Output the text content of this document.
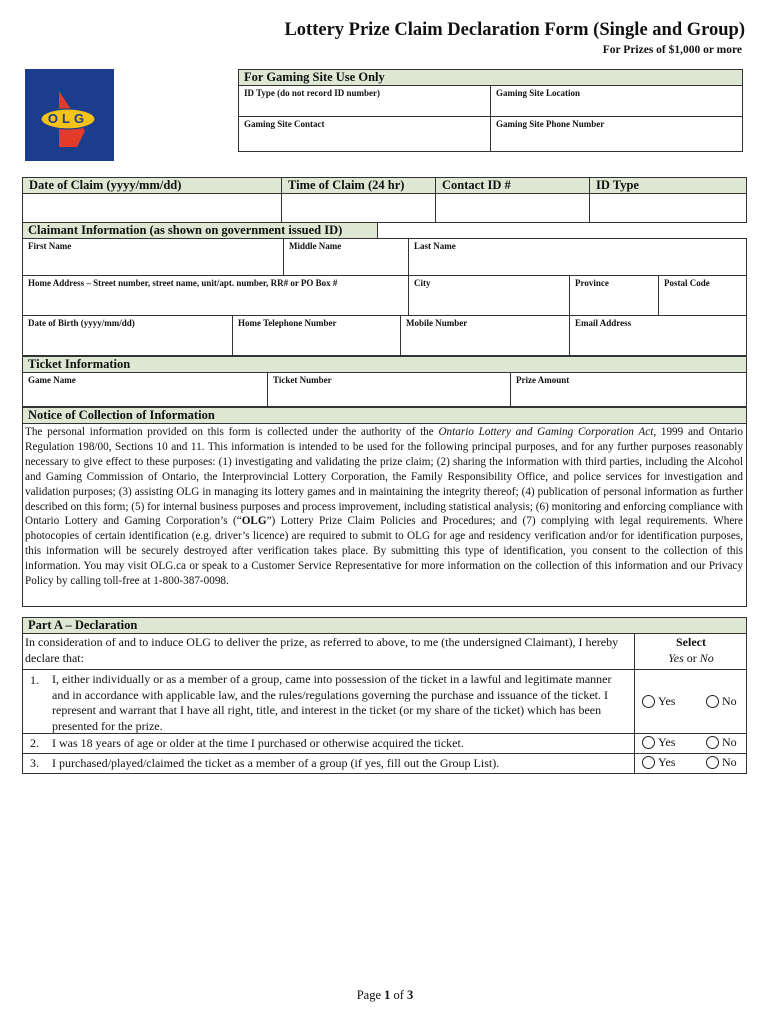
Lottery Prize Claim Declaration Form (Single and Group)
For Prizes of $1,000 or more
OLG
For Gaming Site Use Only
ID Type (do not record ID number)	Gaming Site Location
Gaming Site Contact	Gaming Site Phone Number
Date of Claim (yyyy/mm/dd)	Time of Claim (24 hr)	Contact ID #	ID Type
Claimant Information (as shown on government issued ID)
First Name	Middle Name	Last Name
Home Address – Street number, street name, unit/apt. number, RR# or PO Box #	City	Province	Postal Code
Date of Birth (yyyy/mm/dd)	Home Telephone Number	Mobile Number	Email Address
Ticket Information
Game Name	Ticket Number	Prize Amount
Notice of Collection of Information
The personal information provided on this form is collected under the authority of the Ontario Lottery and Gaming Corporation Act, 1999 and Ontario Regulation 198/00, Sections 10 and 11. This information is intended to be used for the following principal purposes, and for any further purposes reasonably necessary to give effect to these purposes: (1) investigating and validating the prize claim; (2) sharing the information with third parties, including the Alcohol and Gaming Commission of Ontario, the Interprovincial Lottery Corporation, the Family Responsibility Office, and police services for investigation and validation purposes; (3) assisting OLG in managing its lottery games and in maintaining the integrity thereof; (4) publication of personal information as further described on this form; (5) for internal business purposes and process improvement, including statistical analysis; (6) monitoring and enforcing compliance with Ontario Lottery and Gaming Corporation’s (“OLG”) Lottery Prize Claim Policies and Procedures; and (7) complying with legal requirements. Where photocopies of certain identification (e.g. driver’s licence) are required to submit to OLG for age and residency verification and/or for identification purposes, this information will be securely destroyed after verification takes place. By submitting this type of identification, you consent to the collection of this information. You may visit OLG.ca or speak to a Customer Service Representative for more information on the collection of this information and our Privacy Policy by calling toll-free at 1-800-387-0098.
Part A – Declaration
In consideration of and to induce OLG to deliver the prize, as referred to above, to me (the undersigned Claimant), I hereby declare that:
Select
Yes or No
1. I, either individually or as a member of a group, came into possession of the ticket in a lawful and legitimate manner and in accordance with applicable law, and the rules/regulations governing the purchase and issuance of the ticket. I represent and warrant that I have all right, title, and interest in the ticket (or my share of the ticket) which has been presented for the prize.
Yes	No
2. I was 18 years of age or older at the time I purchased or otherwise acquired the ticket.	Yes	No
3. I purchased/played/claimed the ticket as a member of a group (if yes, fill out the Group List).	Yes	No
Page 1 of 3
